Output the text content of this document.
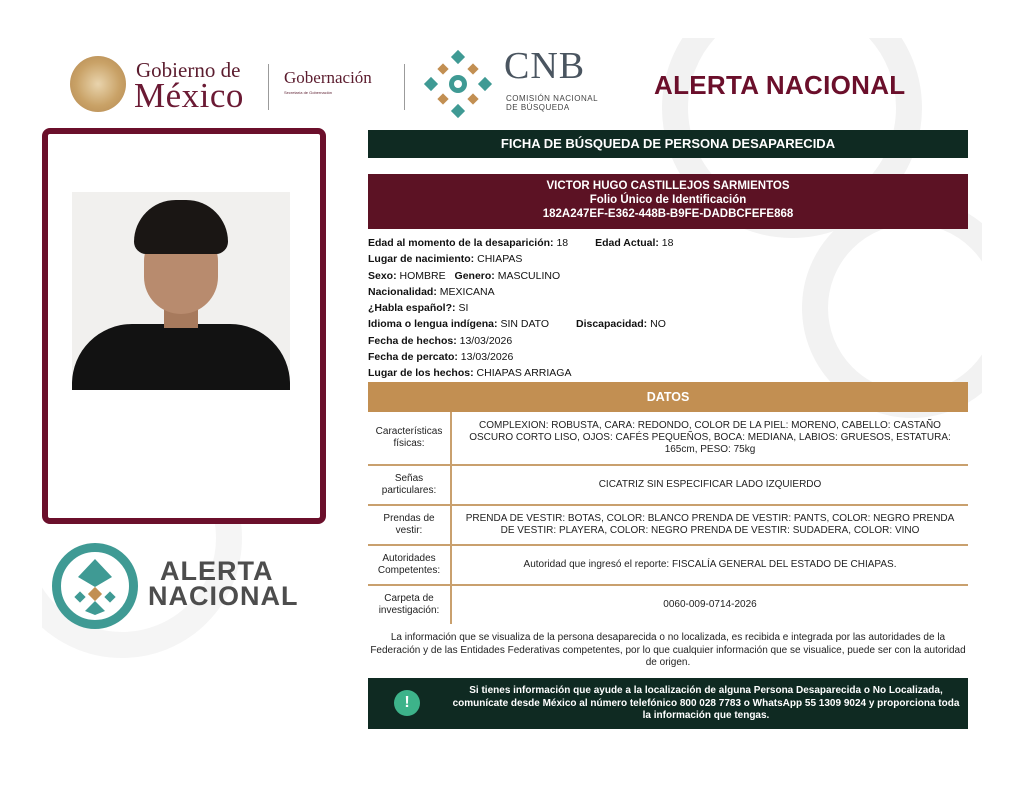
Gobierno de
México Gobernación
Secretaría de Gobernación
CNB
COMISIÓN NACIONAL
DE BÚSQUEDA
ALERTA NACIONAL
ALERTA
NACIONAL
FICHA DE BÚSQUEDA DE PERSONA DESAPARECIDA
VICTOR HUGO CASTILLEJOS SARMIENTOS
Folio Único de Identificación
182A247EF-E362-448B-B9FE-DADBCFEFE868
Edad al momento de la desaparición: 18	Edad Actual: 18
Lugar de nacimiento: CHIAPAS
Sexo: HOMBRE Genero: MASCULINO
Nacionalidad: MEXICANA
¿Habla español?: SI
Idioma o lengua indígena: SIN DATO	Discapacidad: NO
Fecha de hechos: 13/03/2026
Fecha de percato: 13/03/2026
Lugar de los hechos: CHIAPAS ARRIAGA
DATOS
Características físicas:
COMPLEXION: ROBUSTA, CARA: REDONDO, COLOR DE LA PIEL: MORENO, CABELLO: CASTAÑO OSCURO CORTO LISO, OJOS: CAFÉS PEQUEÑOS, BOCA: MEDIANA, LABIOS: GRUESOS, ESTATURA: 165cm, PESO: 75kg
Señas particulares:
CICATRIZ SIN ESPECIFICAR LADO IZQUIERDO
Prendas de vestir:
PRENDA DE VESTIR: BOTAS, COLOR: BLANCO PRENDA DE VESTIR: PANTS, COLOR: NEGRO PRENDA DE VESTIR: PLAYERA, COLOR: NEGRO PRENDA DE VESTIR: SUDADERA, COLOR: VINO
Autoridades Competentes:
Autoridad que ingresó el reporte: FISCALÍA GENERAL DEL ESTADO DE CHIAPAS.
Carpeta de investigación:
0060-009-0714-2026
La información que se visualiza de la persona desaparecida o no localizada, es recibida e integrada por las autoridades de la Federación y de las Entidades Federativas competentes, por lo que cualquier información que se visualice, puede ser con la autoridad de origen.
!
Si tienes información que ayude a la localización de alguna Persona Desaparecida o No Localizada, comunícate desde México al número telefónico 800 028 7783 o WhatsApp 55 1309 9024 y proporciona toda la información que tengas.
